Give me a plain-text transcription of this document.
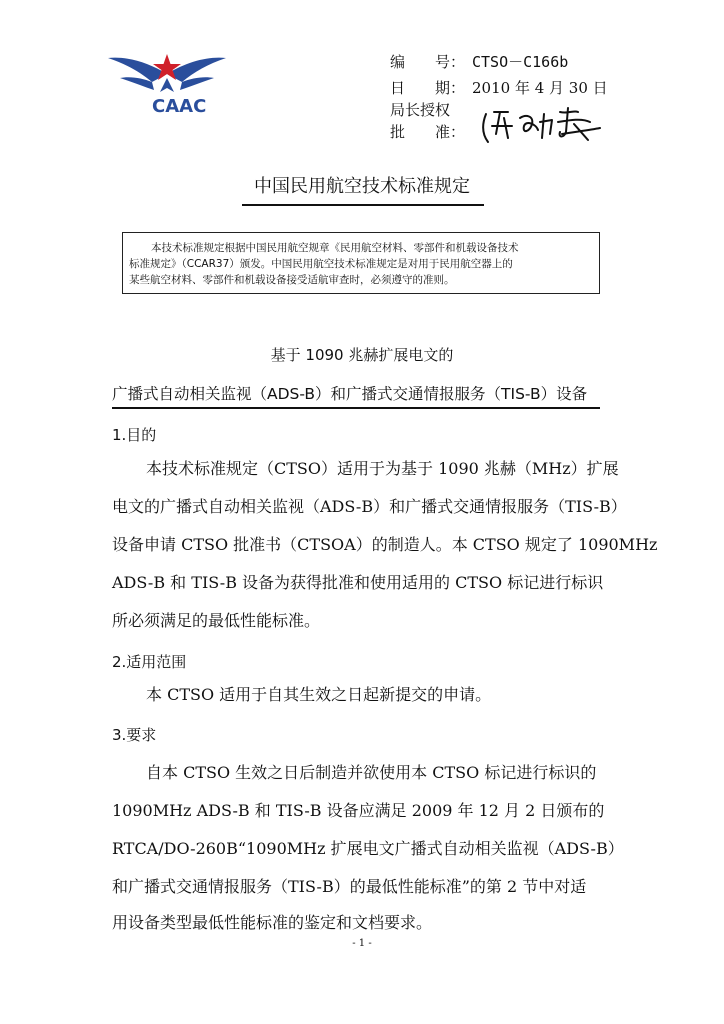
CAAC
编　　号： CTSO－C166b
日　　期： 2010 年 4 月 30 日
局长授权
批　　准：
中国民用航空技术标准规定

本技术标准规定根据中国民用航空规章《民用航空材料、零部件和机载设备技术

标准规定》（CCAR37）颁发。中国民用航空技术标准规定是对用于民用航空器上的

某些航空材料、零部件和机载设备接受适航审查时，必须遵守的准则。

基于 1090 兆赫扩展电文的
广播式自动相关监视（ADS-B）和广播式交通情报服务（TIS-B）设备
1.目的
本技术标准规定（CTSO）适用于为基于 1090 兆赫（MHz）扩展
电文的广播式自动相关监视（ADS-B）和广播式交通情报服务（TIS-B）
设备申请 CTSO 批准书（CTSOA）的制造人。本 CTSO 规定了 1090MHz
ADS-B 和 TIS-B 设备为获得批准和使用适用的 CTSO 标记进行标识
所必须满足的最低性能标准。
2.适用范围
本 CTSO 适用于自其生效之日起新提交的申请。
3.要求
自本 CTSO 生效之日后制造并欲使用本 CTSO 标记进行标识的
1090MHz ADS-B 和 TIS-B 设备应满足 2009 年 12 月 2 日颁布的
RTCA/DO-260B“1090MHz 扩展电文广播式自动相关监视（ADS-B）
和广播式交通情报服务（TIS-B）的最低性能标准”的第 2 节中对适
用设备类型最低性能标准的鉴定和文档要求。
- 1 -
